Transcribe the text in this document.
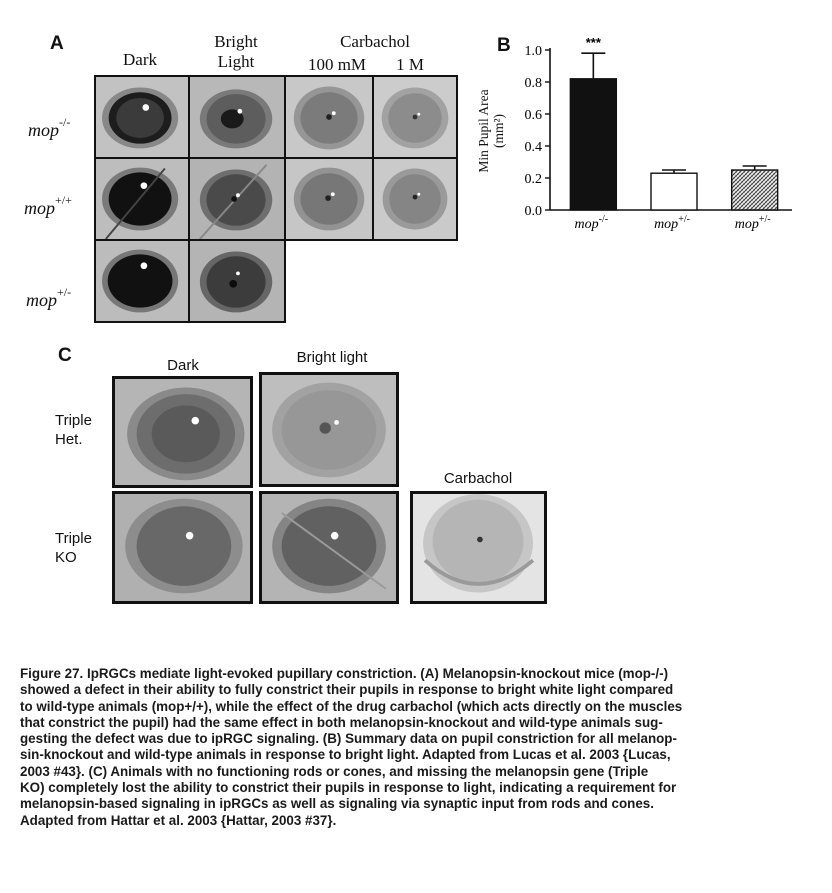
A
Dark
Bright
Light
Carbachol
100 mM	1 M
mop-/-
mop+/+
mop+/-
B
0.0
0.2
0.4
0.6
0.8
1.0
mop-/-
***
mop+/-	mop+/-
Min Pupil Area (mm²)
C	Dark	Bright light
Carbachol
Triple
Het.
Triple
KO
Figure 27. IpRGCs mediate light-evoked pupillary constriction. (A) Melanopsin-knockout mice (mop-/-)
showed a defect in their ability to fully constrict their pupils in response to bright white light compared
to wild-type animals (mop+/+), while the effect of the drug carbachol (which acts directly on the muscles
that constrict the pupil) had the same effect in both melanopsin-knockout and wild-type animals sug-
gesting the defect was due to ipRGC signaling. (B) Summary data on pupil constriction for all melanop-
sin-knockout and wild-type animals in response to bright light. Adapted from Lucas et al. 2003 {Lucas,
2003 #43}. (C) Animals with no functioning rods or cones, and missing the melanopsin gene (Triple
KO) completely lost the ability to constrict their pupils in response to light, indicating a requirement for
melanopsin-based signaling in ipRGCs as well as signaling via synaptic input from rods and cones.
Adapted from Hattar et al. 2003 {Hattar, 2003 #37}.
